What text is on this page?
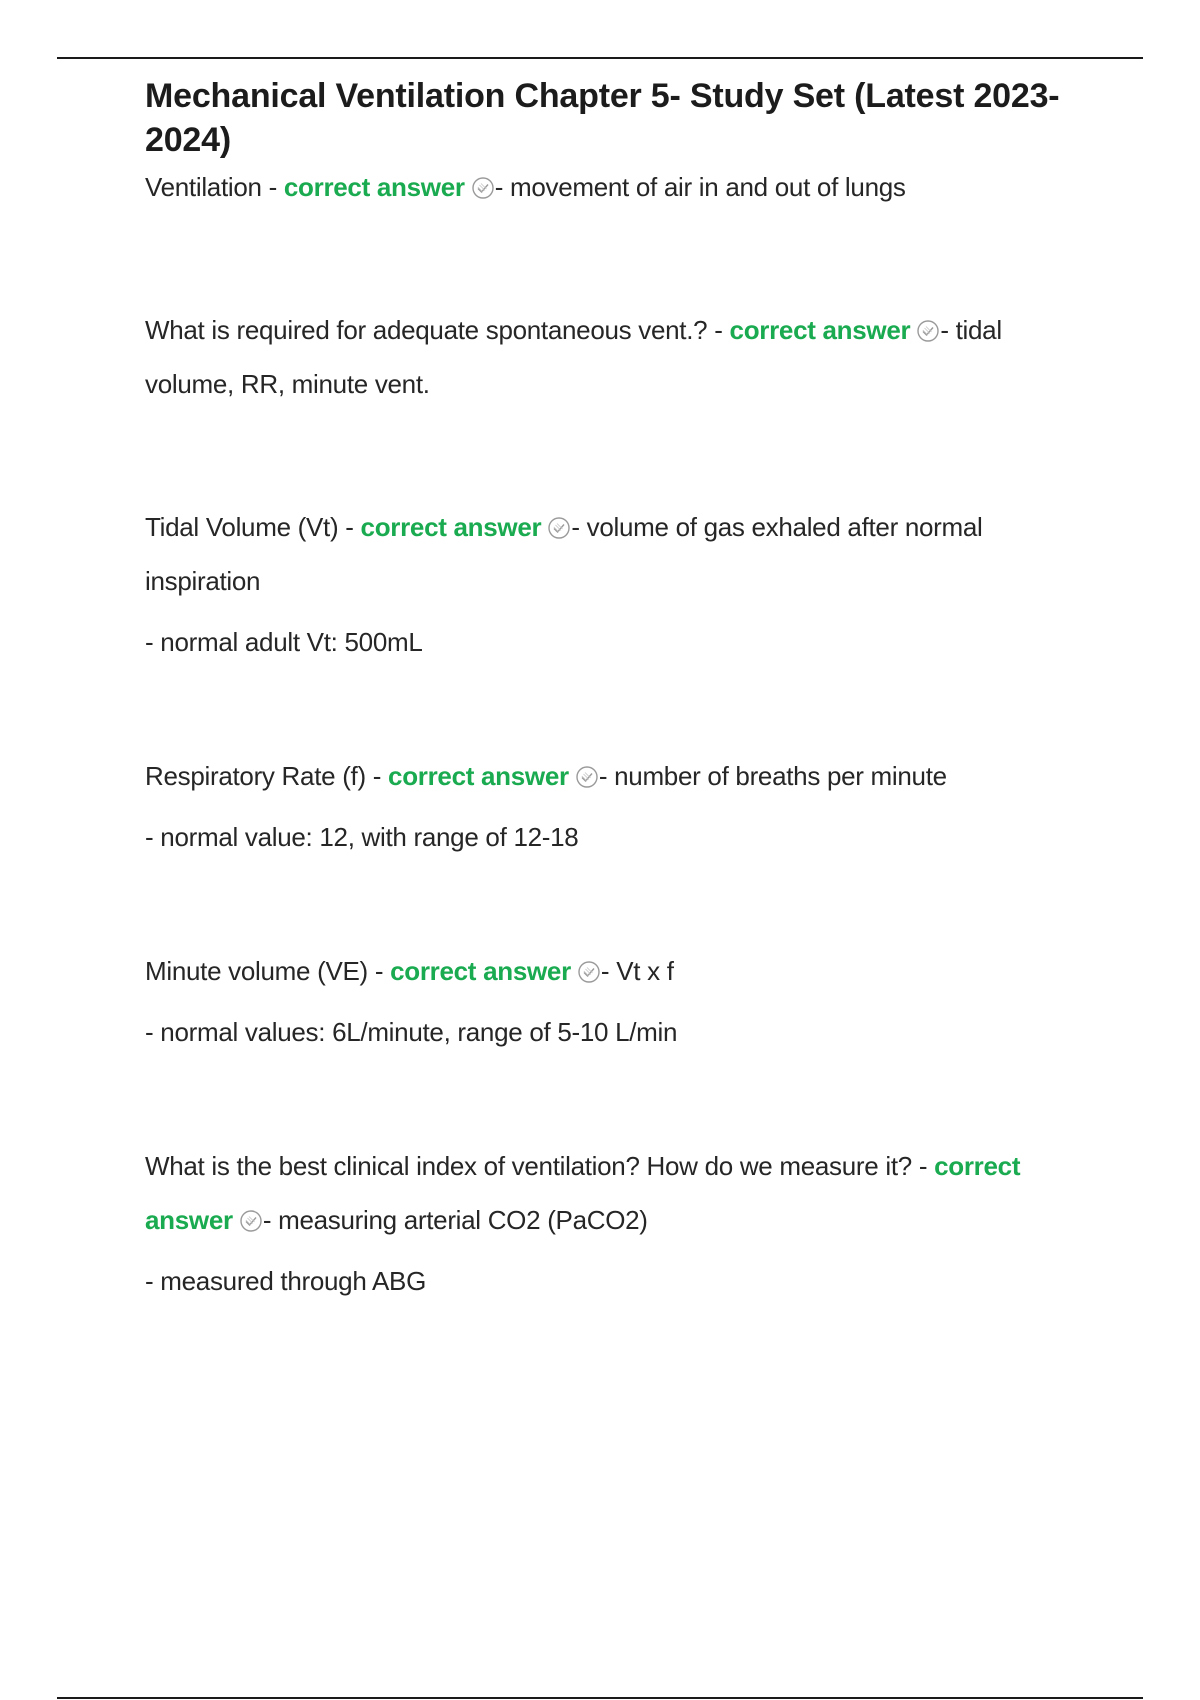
Mechanical Ventilation Chapter 5- Study Set (Latest 2023-2024)

Ventilation - correct answer - movement of air in and out of lungs

What is required for adequate spontaneous vent.? - correct answer - tidal volume, RR, minute vent.

Tidal Volume (Vt) - correct answer - volume of gas exhaled after normal inspiration

- normal adult Vt: 500mL

Respiratory Rate (f) - correct answer - number of breaths per minute

- normal value: 12, with range of 12-18

Minute volume (VE) - correct answer - Vt x f

- normal values: 6L/minute, range of 5-10 L/min

What is the best clinical index of ventilation? How do we measure it? - correct answer - measuring arterial CO2 (PaCO2)

- measured through ABG
